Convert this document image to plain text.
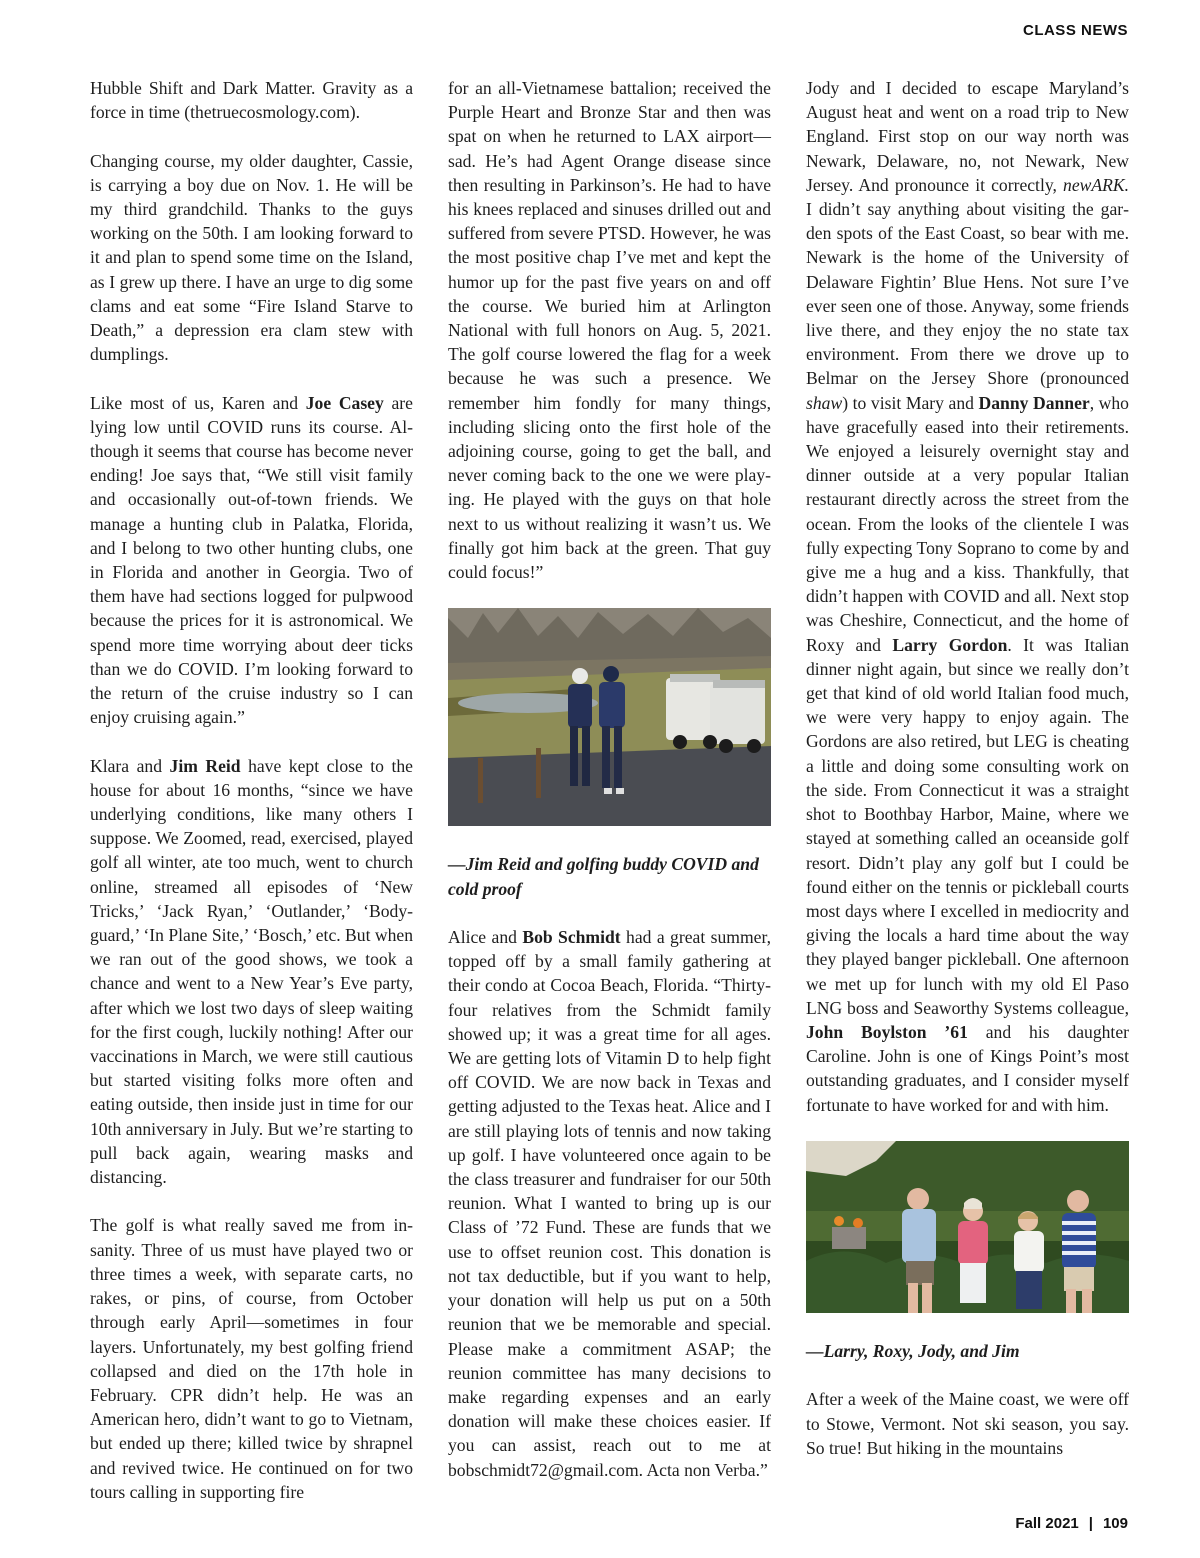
CLASS NEWS

Hubble Shift and Dark Matter. Gravity as a force in time (thetruecosmology.com).

Changing course, my older daughter, Cassie, is carrying a boy due on Nov. 1. He will be my third grandchild. Thanks to the guys working on the 50th. I am looking forward to it and plan to spend some time on the Island, as I grew up there. I have an urge to dig some clams and eat some “Fire Island Starve to Death,” a depression era clam stew with dumplings.

Like most of us, Karen and Joe Casey are lying low until COVID runs its course. Although it seems that course has become never ending! Joe says that, “We still visit family and occasionally out-of-town friends. We manage a hunting club in Palatka, Florida, and I belong to two other hunting clubs, one in Florida and another in Georgia. Two of them have had sections logged for pulpwood because the prices for it is astronomical. We spend more time worrying about deer ticks than we do COVID. I’m looking forward to the return of the cruise industry so I can enjoy cruising again.”

Klara and Jim Reid have kept close to the house for about 16 months, “since we have underlying conditions, like many others I suppose. We Zoomed, read, exercised, played golf all winter, ate too much, went to church online, streamed all episodes of ‘New Tricks,’ ‘Jack Ryan,’ ‘Outlander,’ ‘Bodyguard,’ ‘In Plane Site,’ ‘Bosch,’ etc. But when we ran out of the good shows, we took a chance and went to a New Year’s Eve party, after which we lost two days of sleep waiting for the first cough, luckily nothing! After our vaccinations in March, we were still cautious but started visiting folks more often and eating outside, then inside just in time for our 10th anniversary in July. But we’re starting to pull back again, wearing masks and distancing.

The golf is what really saved me from insanity. Three of us must have played two or three times a week, with separate carts, no rakes, or pins, of course, from October through early April—sometimes in four layers. Unfortunately, my best golfing friend collapsed and died on the 17th hole in February. CPR didn’t help. He was an American hero, didn’t want to go to Vietnam, but ended up there; killed twice by shrapnel and revived twice. He continued on for two tours calling in supporting fire

for an all-Vietnamese battalion; received the Purple Heart and Bronze Star and then was spat on when he returned to LAX airport—sad. He’s had Agent Orange disease since then resulting in Parkinson’s. He had to have his knees replaced and sinuses drilled out and suffered from severe PTSD. However, he was the most positive chap I’ve met and kept the humor up for the past five years on and off the course. We buried him at Arlington National with full honors on Aug. 5, 2021. The golf course lowered the flag for a week because he was such a presence. We remember him fondly for many things, including slicing onto the first hole of the adjoining course, going to get the ball, and never coming back to the one we were playing. He played with the guys on that hole next to us without realizing it wasn’t us. We finally got him back at the green. That guy could focus!”

—Jim Reid and golfing buddy COVID and cold proof

Alice and Bob Schmidt had a great summer, topped off by a small family gathering at their condo at Cocoa Beach, Florida. “Thirty-four relatives from the Schmidt family showed up; it was a great time for all ages. We are getting lots of Vitamin D to help fight off COVID. We are now back in Texas and getting adjusted to the Texas heat. Alice and I are still playing lots of tennis and now taking up golf. I have volunteered once again to be the class treasurer and fundraiser for our 50th reunion. What I wanted to bring up is our Class of ’72 Fund. These are funds that we use to offset reunion cost. This donation is not tax deductible, but if you want to help, your donation will help us put on a 50th reunion that we be memorable and special. Please make a commitment ASAP; the reunion committee has many decisions to make regarding expenses and an early donation will make these choices easier. If you can assist, reach out to me at bobschmidt72@gmail.com. Acta non Verba.”

Jody and I decided to escape Maryland’s August heat and went on a road trip to New England. First stop on our way north was Newark, Delaware, no, not Newark, New Jersey. And pronounce it correctly, newARK. I didn’t say anything about visiting the garden spots of the East Coast, so bear with me. Newark is the home of the University of Delaware Fightin’ Blue Hens. Not sure I’ve ever seen one of those. Anyway, some friends live there, and they enjoy the no state tax environment. From there we drove up to Belmar on the Jersey Shore (pronounced shaw) to visit Mary and Danny Danner, who have gracefully eased into their retirements. We enjoyed a leisurely overnight stay and dinner outside at a very popular Italian restaurant directly across the street from the ocean. From the looks of the clientele I was fully expecting Tony Soprano to come by and give me a hug and a kiss. Thankfully, that didn’t happen with COVID and all. Next stop was Cheshire, Connecticut, and the home of Roxy and Larry Gordon. It was Italian dinner night again, but since we really don’t get that kind of old world Italian food much, we were very happy to enjoy again. The Gordons are also retired, but LEG is cheating a little and doing some consulting work on the side. From Connecticut it was a straight shot to Boothbay Harbor, Maine, where we stayed at something called an oceanside golf resort. Didn’t play any golf but I could be found either on the tennis or pickleball courts most days where I excelled in mediocrity and giving the locals a hard time about the way they played banger pickleball. One afternoon we met up for lunch with my old El Paso LNG boss and Seaworthy Systems colleague, John Boylston ’61 and his daughter Caroline. John is one of Kings Point’s most outstanding graduates, and I consider myself fortunate to have worked for and with him.

—Larry, Roxy, Jody, and Jim

After a week of the Maine coast, we were off to Stowe, Vermont. Not ski season, you say. So true! But hiking in the mountains

Fall 2021 | 109
